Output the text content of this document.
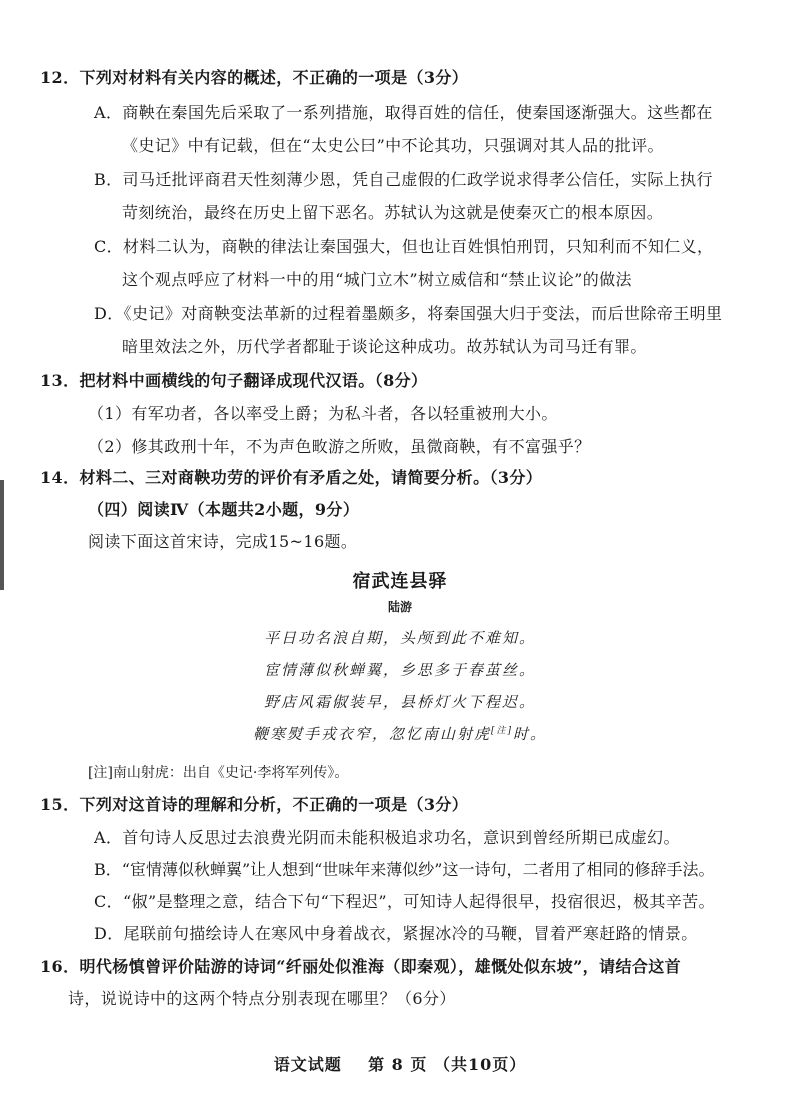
12．下列对材料有关内容的概述，不正确的一项是（3分）
A．商鞅在秦国先后采取了一系列措施，取得百姓的信任，使秦国逐渐强大。这些都在
《史记》中有记载，但在“太史公曰”中不论其功，只强调对其人品的批评。
B．司马迁批评商君天性刻薄少恩，凭自己虚假的仁政学说求得孝公信任，实际上执行
苛刻统治，最终在历史上留下恶名。苏轼认为这就是使秦灭亡的根本原因。
C．材料二认为，商鞅的律法让秦国强大，但也让百姓惧怕刑罚，只知利而不知仁义，
这个观点呼应了材料一中的用“城门立木”树立威信和“禁止议论”的做法
D．《史记》对商鞅变法革新的过程着墨颇多，将秦国强大归于变法，而后世除帝王明里
暗里效法之外，历代学者都耻于谈论这种成功。故苏轼认为司马迁有罪。
13．把材料中画横线的句子翻译成现代汉语。（8分）
（1）有军功者，各以率受上爵；为私斗者，各以轻重被刑大小。
（2）修其政刑十年，不为声色畋游之所败，虽微商鞅，有不富强乎？
14．材料二、三对商鞅功劳的评价有矛盾之处，请简要分析。（3分）
（四）阅读Ⅳ（本题共2小题，9分）
阅读下面这首宋诗，完成15~16题。
宿武连县驿
陆游
平日功名浪自期，头颅到此不难知。
宦情薄似秋蝉翼，乡思多于春茧丝。
野店风霜俶装早，县桥灯火下程迟。
鞭寒熨手戎衣窄，忽忆南山射虎[注]时。
[注]南山射虎：出自《史记·李将军列传》。
15．下列对这首诗的理解和分析，不正确的一项是（3分）
A．首句诗人反思过去浪费光阴而未能积极追求功名，意识到曾经所期已成虚幻。
B．“宦情薄似秋蝉翼”让人想到“世味年来薄似纱”这一诗句，二者用了相同的修辞手法。
C．“俶”是整理之意，结合下句“下程迟”，可知诗人起得很早，投宿很迟，极其辛苦。
D．尾联前句描绘诗人在寒风中身着战衣，紧握冰冷的马鞭，冒着严寒赶路的情景。
16．明代杨慎曾评价陆游的诗词“纤丽处似淮海（即秦观），雄慨处似东坡”，请结合这首
诗，说说诗中的这两个特点分别表现在哪里？（6分）
语文试题 第 8 页 （共10页）
